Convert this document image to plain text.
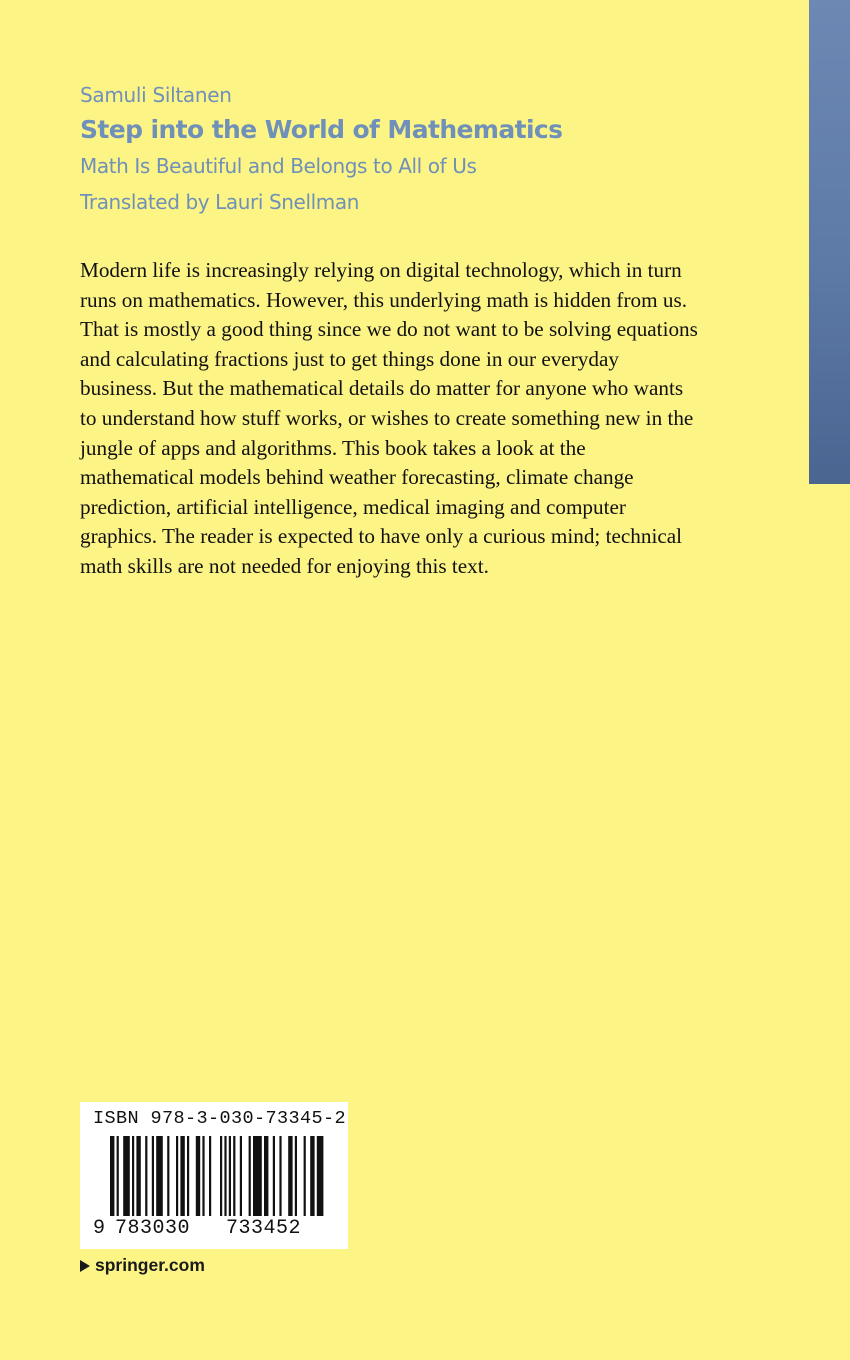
Samuli Siltanen
Step into the World of Mathematics
Math Is Beautiful and Belongs to All of Us
Translated by Lauri Snellman

Modern life is increasingly relying on digital technology, which in turn runs on mathematics. However, this underlying math is hidden from us. That is mostly a good thing since we do not want to be solving equations and calculating fractions just to get things done in our everyday business. But the mathematical details do matter for anyone who wants to understand how stuff works, or wishes to create something new in the jungle of apps and algorithms. This book takes a look at the mathematical models behind weather forecasting, climate change prediction, artificial intelligence, medical imaging and computer graphics. The reader is expected to have only a curious mind; technical math skills are not needed for enjoying this text.

ISBN 978-3-030-73345-2
9 783030 733452
springer.com
